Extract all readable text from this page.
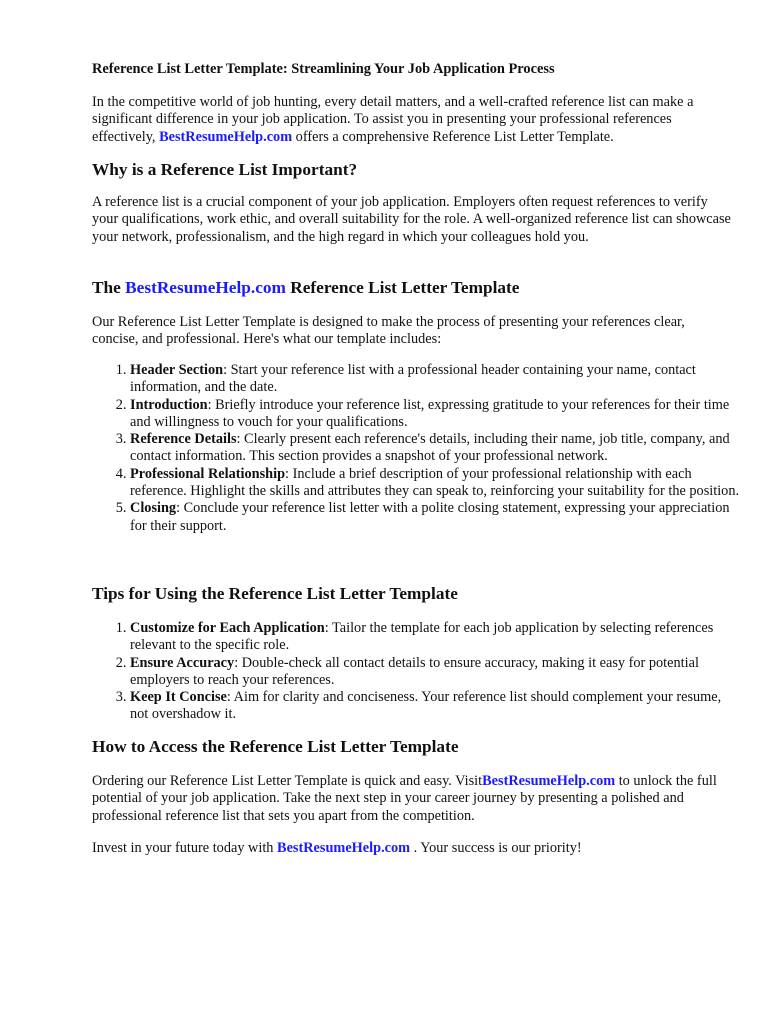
Reference List Letter Template: Streamlining Your Job Application Process

In the competitive world of job hunting, every detail matters, and a well-crafted reference list can make a significant difference in your job application. To assist you in presenting your professional references effectively, BestResumeHelp.com offers a comprehensive Reference List Letter Template.

Why is a Reference List Important?

A reference list is a crucial component of your job application. Employers often request references to verify your qualifications, work ethic, and overall suitability for the role. A well-organized reference list can showcase your network, professionalism, and the high regard in which your colleagues hold you.

The BestResumeHelp.com Reference List Letter Template

Our Reference List Letter Template is designed to make the process of presenting your references clear, concise, and professional. Here's what our template includes:

1. Header Section: Start your reference list with a professional header containing your name, contact information, and the date.
2. Introduction: Briefly introduce your reference list, expressing gratitude to your references for their time and willingness to vouch for your qualifications.
3. Reference Details: Clearly present each reference's details, including their name, job title, company, and contact information. This section provides a snapshot of your professional network.
4. Professional Relationship: Include a brief description of your professional relationship with each reference. Highlight the skills and attributes they can speak to, reinforcing your suitability for the position.
5. Closing: Conclude your reference list letter with a polite closing statement, expressing your appreciation for their support.
Tips for Using the Reference List Letter Template
1. Customize for Each Application: Tailor the template for each job application by selecting references relevant to the specific role.
2. Ensure Accuracy: Double-check all contact details to ensure accuracy, making it easy for potential employers to reach your references.
3. Keep It Concise: Aim for clarity and conciseness. Your reference list should complement your resume, not overshadow it.
How to Access the Reference List Letter Template

Ordering our Reference List Letter Template is quick and easy. VisitBestResumeHelp.com to unlock the full potential of your job application. Take the next step in your career journey by presenting a polished and professional reference list that sets you apart from the competition.

Invest in your future today with BestResumeHelp.com . Your success is our priority!
